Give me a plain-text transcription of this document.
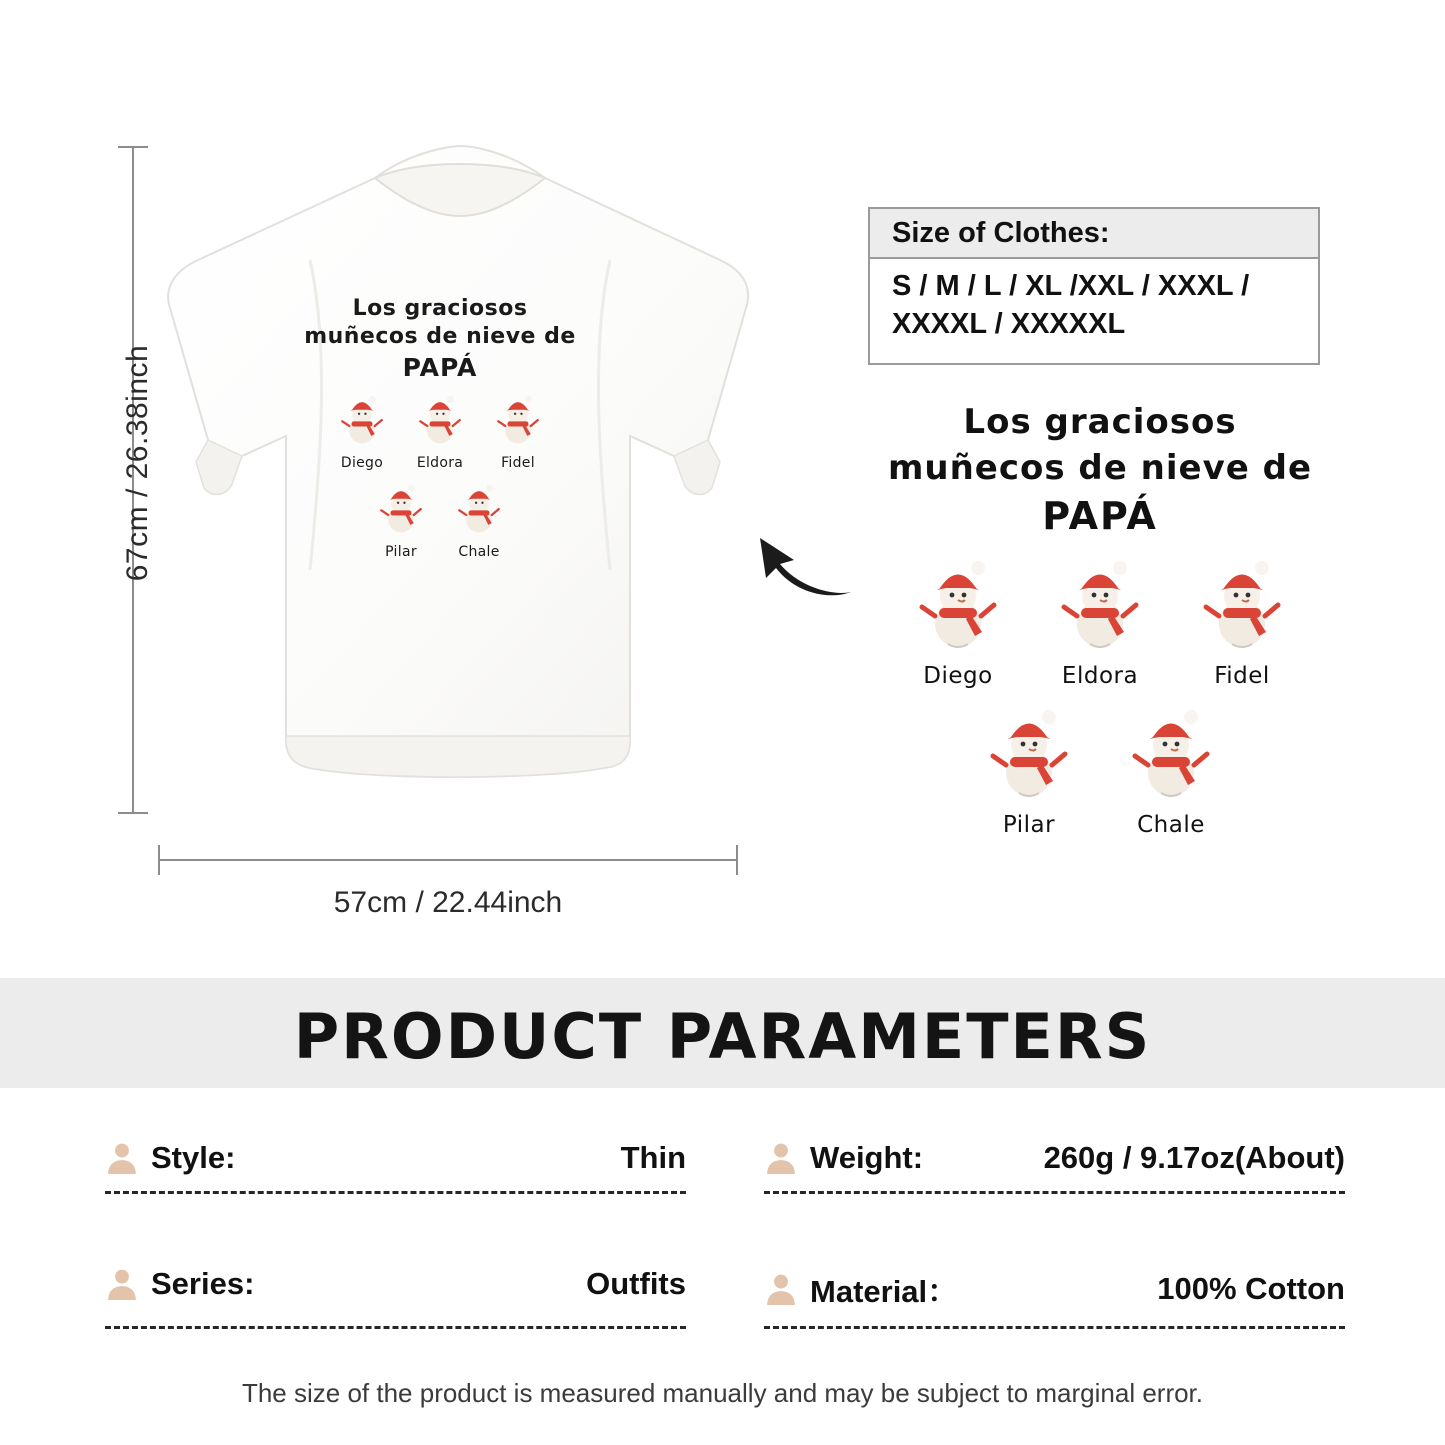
67cm / 26.38inch
Los graciosos
muñecos de nieve de
PAPÁ
Diego	Eldora	Fidel
Pilar	Chale
57cm / 22.44inch
Size of Clothes:
S / M / L / XL /XXL / XXXL / XXXXL / XXXXXL
Los graciosos
muñecos de nieve de
PAPÁ
Diego	Eldora	Fidel
Pilar	Chale
PRODUCT PARAMETERS
Style:	Thin	Weight:	260g / 9.17oz(About)
Series:	Outfits	Material：	100% Cotton
The size of the product is measured manually and may be subject to marginal error.
